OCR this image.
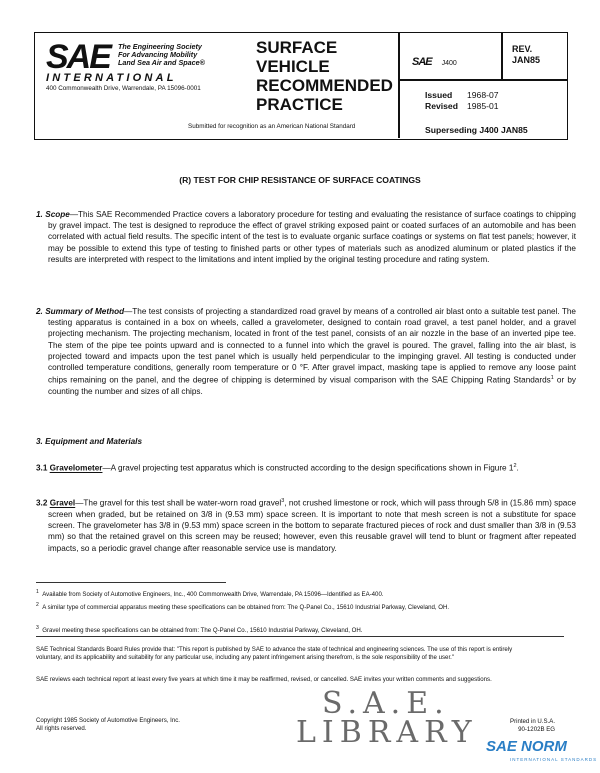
SAE The Engineering Society
For Advancing Mobility
Land Sea Air and Space®
INTERNATIONAL
400 Commonwealth Drive, Warrendale, PA 15096-0001
SURFACE
VEHICLE
RECOMMENDED
PRACTICE
Submitted for recognition as an American National Standard
SAE J400
REV.
JAN85
Issued 1968-07
Revised 1985-01
Superseding J400 JAN85
(R) TEST FOR CHIP RESISTANCE OF SURFACE COATINGS
1. Scope—This SAE Recommended Practice covers a laboratory procedure for testing and evaluating the resistance of surface coatings to chipping by gravel impact. The test is designed to reproduce the effect of gravel striking exposed paint or coated surfaces of an automobile and has been correlated with actual field results. The specific intent of the test is to evaluate organic surface coatings or systems on flat test panels; however, it may be possible to extend this type of testing to finished parts or other types of materials such as anodized aluminum or plated plastics if the results are interpreted with respect to the limitations and intent implied by the original testing procedure and rating system.
2. Summary of Method—The test consists of projecting a standardized road gravel by means of a controlled air blast onto a suitable test panel. The testing apparatus is contained in a box on wheels, called a gravelometer, designed to contain road gravel, a test panel holder, and a gravel projecting mechanism. The projecting mechanism, located in front of the test panel, consists of an air nozzle in the base of an inverted pipe tee. The stem of the pipe tee points upward and is connected to a funnel into which the gravel is poured. The gravel, falling into the air blast, is projected toward and impacts upon the test panel which is usually held perpendicular to the impinging gravel. All testing is conducted under controlled temperature conditions, generally room temperature or 0 °F. After gravel impact, masking tape is applied to remove any loose paint chips remaining on the panel, and the degree of chipping is determined by visual comparison with the SAE Chipping Rating Standards$^1$ or by counting the number and sizes of all chips.
3. Equipment and Materials
3.1 Gravelometer—A gravel projecting test apparatus which is constructed according to the design specifications shown in Figure $1^2$.
3.2 Gravel—The gravel for this test shall be water-worn road gravel$^3$, not crushed limestone or rock, which will pass through 5/8 in (15.86 mm) space screen when graded, but be retained on 3/8 in (9.53 mm) space screen. It is important to note that mesh screen is not a substitute for space screen. The gravelometer has 3/8 in (9.53 mm) space screen in the bottom to separate fractured pieces of rock and dust smaller than 3/8 in (9.53 mm) so that the retained gravel on this screen may be reused; however, even this reusable gravel will tend to blunt or fragment after repeated impacts, so a periodic gravel change after reasonable service use is mandatory.
$^1$ Available from Society of Automotive Engineers, Inc., 400 Commonwealth Drive, Warrendale, PA 15096—Identified as EA-400.
$^2$ A similar type of commercial apparatus meeting these specifications can be obtained from: The Q-Panel Co., 15610 Industrial Parkway, Cleveland, OH.
$^3$ Gravel meeting these specifications can be obtained from: The Q-Panel Co., 15610 Industrial Parkway, Cleveland, OH.
SAE Technical Standards Board Rules provide that: "This report is published by SAE to advance the state of technical and engineering sciences. The use of this report is entirely voluntary, and its applicability and suitability for any particular use, including any patent infringement arising therefrom, is the sole responsibility of the user."
SAE reviews each technical report at least every five years at which time it may be reaffirmed, revised, or cancelled. SAE invites your written comments and suggestions.
Copyright 1985 Society of Automotive Engineers, Inc.
All rights reserved.
S.A.E.
LIBRARY	Printed in U.S.A.
90-1202B EG
SAE NORM
INTERNATIONAL STANDARDS
